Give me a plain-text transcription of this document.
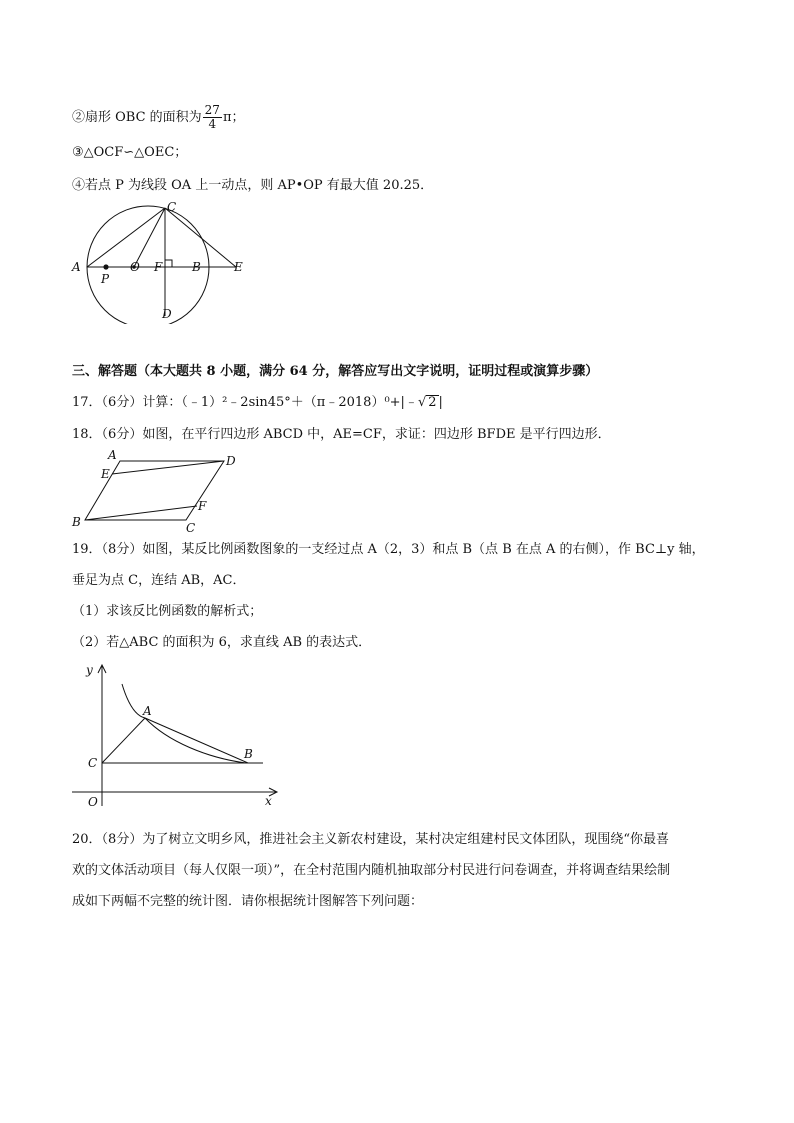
②扇形 OBC 的面积为 $\frac{27}{4}$ π；
③△OCF∽△OEC；
④若点 P 为线段 OA 上一动点，则 AP•OP 有最大值 20.25．
A
P
O F B	E
C
D
三、解答题（本大题共 8 小题，满分 64 分，解答应写出文字说明，证明过程或演算步骤）
17．（6分）计算：（﹣1）²﹣2sin45°＋（π﹣2018）⁰+|﹣√ 2 |
18．（6分）如图，在平行四边形 ABCD 中，AE=CF，求证：四边形 BFDE 是平行四边形．
A	D
E
F
B	C
19．（8分）如图，某反比例函数图象的一支经过点 A（2，3）和点 B（点 B 在点 A 的右侧），作 BC⊥y 轴，
垂足为点 C，连结 AB，AC．
（1）求该反比例函数的解析式；
（2）若△ABC 的面积为 6，求直线 AB 的表达式．
y
x
O
C
A
B
20．（8分）为了树立文明乡风，推进社会主义新农村建设，某村决定组建村民文体团队，现围绕“你最喜
欢的文体活动项目（每人仅限一项）”，在全村范围内随机抽取部分村民进行问卷调查，并将调查结果绘制
成如下两幅不完整的统计图．请你根据统计图解答下列问题：
